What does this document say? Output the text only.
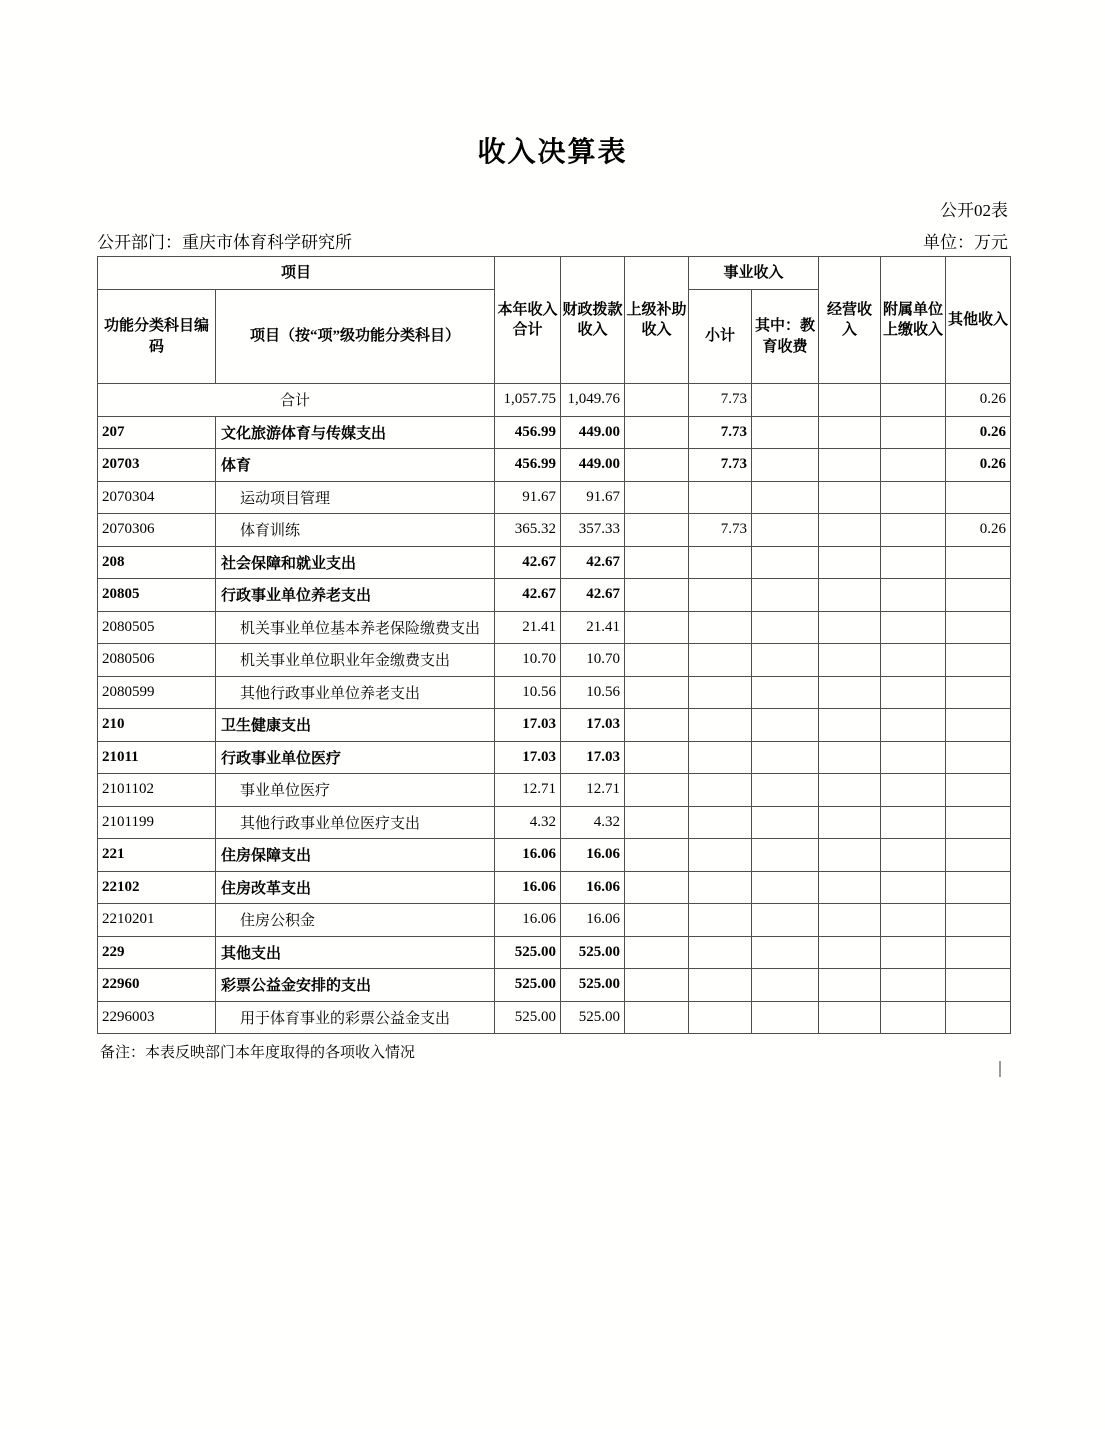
收入决算表
公开02表
公开部门：重庆市体育科学研究所	单位：万元
项目		本年收入合计	财政拨款收入	上级补助收入	事业收入		经营收入	附属单位上缴收入	其他收入
功能分类科目编码	项目（按“项”级功能分类科目）				小计	其中：教育收费			
合计		1,057.75	1,049.76		7.73				0.26
207	文化旅游体育与传媒支出	456.99	449.00		7.73				0.26
20703	体育	456.99	449.00		7.73				0.26
2070304	运动项目管理	91.67	91.67						
2070306	体育训练	365.32	357.33		7.73				0.26
208	社会保障和就业支出	42.67	42.67						
20805	行政事业单位养老支出	42.67	42.67						
2080505	机关事业单位基本养老保险缴费支出	21.41	21.41						
2080506	机关事业单位职业年金缴费支出	10.70	10.70						
2080599	其他行政事业单位养老支出	10.56	10.56						
210	卫生健康支出	17.03	17.03						
21011	行政事业单位医疗	17.03	17.03						
2101102	事业单位医疗	12.71	12.71						
2101199	其他行政事业单位医疗支出	4.32	4.32						
221	住房保障支出	16.06	16.06						
22102	住房改革支出	16.06	16.06						
2210201	住房公积金	16.06	16.06						
229	其他支出	525.00	525.00						
22960	彩票公益金安排的支出	525.00	525.00						
2296003	用于体育事业的彩票公益金支出	525.00	525.00						
备注：本表反映部门本年度取得的各项收入情况
